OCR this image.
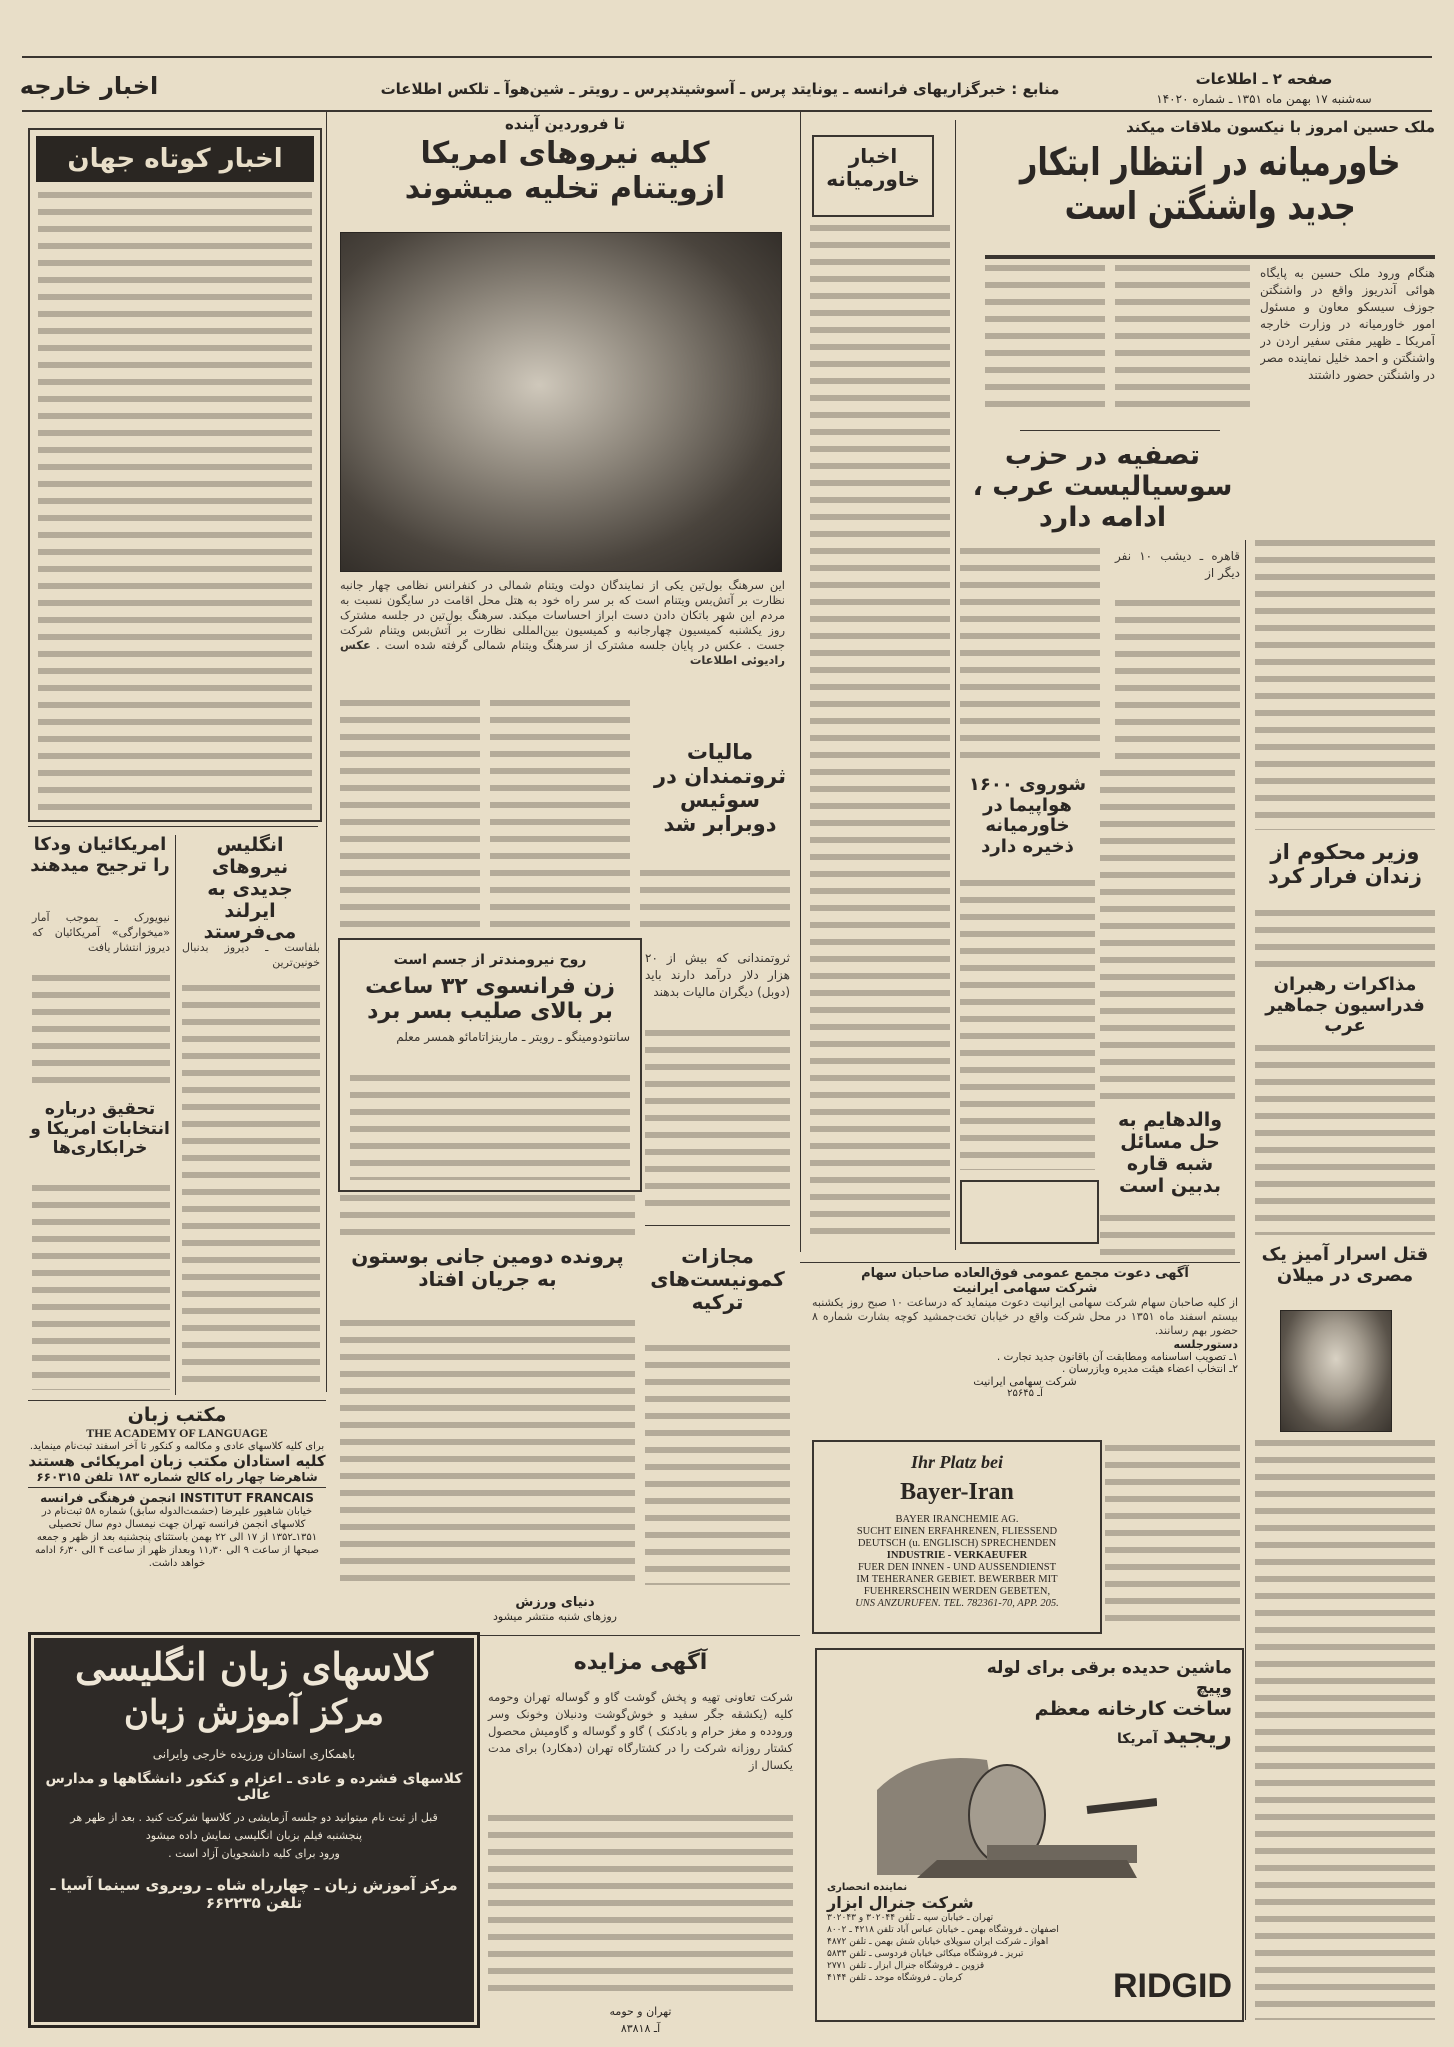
صفحه ۲ ـ اطلاعات
سه‌شنبه ۱۷ بهمن ماه ۱۳۵۱ ـ شماره ۱۴۰۲۰
منابع : خبرگزاریهای فرانسه ـ یونایتد پرس ـ آسوشیتدپرس ـ رویتر ـ شین‌هوآ ـ تلکس اطلاعات
اخبار خارجه
ملک حسین امروز با نیکسون ملاقات میکند
خاورمیانه در انتظار ابتکار جدید واشنگتن است
هنگام ورود ملک حسین به پایگاه هوائی آندریوز واقع در واشنگتن جوزف سیسکو معاون و مسئول امور خاورمیانه در وزارت خارجه آمریکا ـ ظهیر مفتی سفیر اردن در واشنگتن و احمد خلیل نماینده مصر در واشنگتن حضور داشتند
تصفیه در حزب سوسیالیست عرب ، ادامه دارد
قاهره ـ دیشب ۱۰ نفر دیگر از
وزیر محکوم از زندان فرار کرد
مذاکرات رهبران فدراسیون جماهیر عرب
قتل اسرار آمیز یک مصری در میلان
والدهایم به حل مسائل شبه قاره بدبین است
شوروی ۱۶۰۰ هواپیما در خاورمیانه ذخیره دارد
اخبار خاورمیانه
تا فروردین آینده
کلیه نیروهای امریکا ازویتنام تخلیه میشوند
این سرهنگ بول‌تین یکی از نمایندگان دولت ویتنام شمالی در کنفرانس نظامی چهار جانبه نظارت بر آتش‌بس ویتنام است که بر سر راه خود به هتل محل اقامت در سایگون نسبت به مردم این شهر باتکان دادن دست ابراز احساسات میکند. سرهنگ بول‌تین در جلسه مشترک روز یکشنبه کمیسیون چهارجانبه و کمیسیون بین‌المللی نظارت بر آتش‌بس ویتنام شرکت جست . عکس در پایان جلسه مشترک از سرهنگ ویتنام شمالی گرفته شده است . عکس رادیوئی اطلاعات
مالیات ثروتمندان در سوئیس دوبرابر شد
ثروتمندانی که بیش از ۲۰ هزار دلار درآمد دارند باید (دوبل) دیگران مالیات بدهند
مجازات کمونیست‌های ترکیه
روح نیرومندتر از جسم است
زن فرانسوی ۳۲ ساعت بر بالای صلیب بسر برد
سانتودومینگو ـ رویتر ـ مارینزاتامائو همسر معلم
پرونده دومین جانی بوستون به جریان افتاد
دنیای ورزش
روزهای شنبه منتشر میشود
اخبار کوتاه جهان
انگلیس نیروهای جدیدی به ایرلند می‌فرستد
بلفاست ـ دیروز بدنبال خونین‌ترین
امریکائیان ودکا را ترجیح میدهند
نیویورک ـ بموجب آمار «میخوارگی» آمریکائیان که دیروز انتشار یافت
تحقیق درباره انتخابات امریکا و خرابکاری‌ها
مکتب زبان
THE ACADEMY OF LANGUAGE
برای کلیه کلاسهای عادی و مکالمه و کنکور تا آخر اسفند ثبت‌نام مینماید.
کلیه استادان مکتب زبان امریکائی هستند
شاهرضا چهار راه کالج شماره ۱۸۳ تلفن ۶۶۰۳۱۵
INSTITUT FRANCAIS انجمن فرهنگی فرانسه
خیابان شاهپور علیرضا (حشمت‌الدوله سابق) شماره ۵۸ ثبت‌نام در کلاسهای انجمن فرانسه تهران جهت نیمسال دوم سال تحصیلی ۱۳۵۱ـ۱۳۵۲ از ۱۷ الی ۲۲ بهمن باستثنای پنجشنبه بعد از ظهر و جمعه صبحها از ساعت ۹ الی ۱۱٫۳۰ وبعداز ظهر از ساعت ۴ الی ۶٫۳۰ ادامه خواهد داشت.
کلاسهای زبان انگلیسی
مرکز آموزش زبان
باهمکاری استادان ورزیده خارجی وایرانی
کلاسهای فشرده و عادی ـ اعزام و کنکور دانشگاهها و مدارس عالی
قبل از ثبت نام میتوانید دو جلسه آزمایشی در کلاسها شرکت کنید . بعد از ظهر هر
پنجشنبه فیلم بزبان انگلیسی نمایش داده میشود
ورود برای کلیه دانشجویان آزاد است .
مرکز آموزش زبان ـ چهارراه شاه ـ روبروی سینما آسیا ـ تلفن ۶۶۲۲۳۵
آگهی مزایده
شرکت تعاونی تهیه و پخش گوشت گاو و گوساله تهران وحومه کلیه (یکشقه جگر سفید و خوش‌گوشت ودنبلان وخونک وسر ورودده و مغز حرام و بادکنک ) گاو و گوساله و گاومیش محصول کشتار روزانه شرکت را در کشتارگاه تهران (دهکارد) برای مدت یکسال از
تهران و حومه
آـ ۸۳۸۱۸
آگهی دعوت مجمع عمومی فوق‌العاده صاحبان سهام
شرکت سهامی ایرانیت
از کلیه صاحبان سهام شرکت سهامی ایرانیت دعوت مینماید که درساعت ۱۰ صبح روز یکشنبه بیستم اسفند ماه ۱۳۵۱ در محل شرکت واقع در خیابان تخت‌جمشید کوچه بشارت شماره ۸ حضور بهم رسانند.
دستورجلسه
۱ـ تصویب اساسنامه ومطابقت آن باقانون جدید تجارت .
۲ـ انتخاب اعضاء هیئت مدیره وبازرسان .
شرکت سهامی ایرانیت
آـ ۲۵۶۴۵
Ihr Platz bei
Bayer-Iran
BAYER IRANCHEMIE AG.
SUCHT EINEN ERFAHRENEN, FLIESSEND
DEUTSCH (u. ENGLISCH) SPRECHENDEN
INDUSTRIE - VERKAEUFER
FUER DEN INNEN - UND AUSSENDIENST
IM TEHERANER GEBIET. BEWERBER MIT
FUEHRERSCHEIN WERDEN GEBETEN,
UNS ANZURUFEN. TEL. 782361-70, APP. 205.
ماشین حدیده برقی برای لوله وپیچ
ساخت کارخانه معظم
ریجید آمریکا
نماینده انحصاری
شرکت جنرال ابزار
تهران ـ خیابان سپه ـ تلفن ۳۰۲۰۴۴ و ۳۰۲۰۴۳
اصفهان ـ فروشگاه بهمن ـ خیابان عباس آباد تلفن ۴۲۱۸ ـ ۸۰۰۲
اهواز ـ شرکت ایران سوپلای خیابان شش بهمن ـ تلفن ۴۸۷۲
تبریز ـ فروشگاه میکائی خیابان فردوسی ـ تلفن ۵۸۳۳
قزوین ـ فروشگاه جنرال ابزار ـ تلفن ۲۷۷۱
کرمان ـ فروشگاه موحد ـ تلفن ۴۱۴۴	RIDGID
